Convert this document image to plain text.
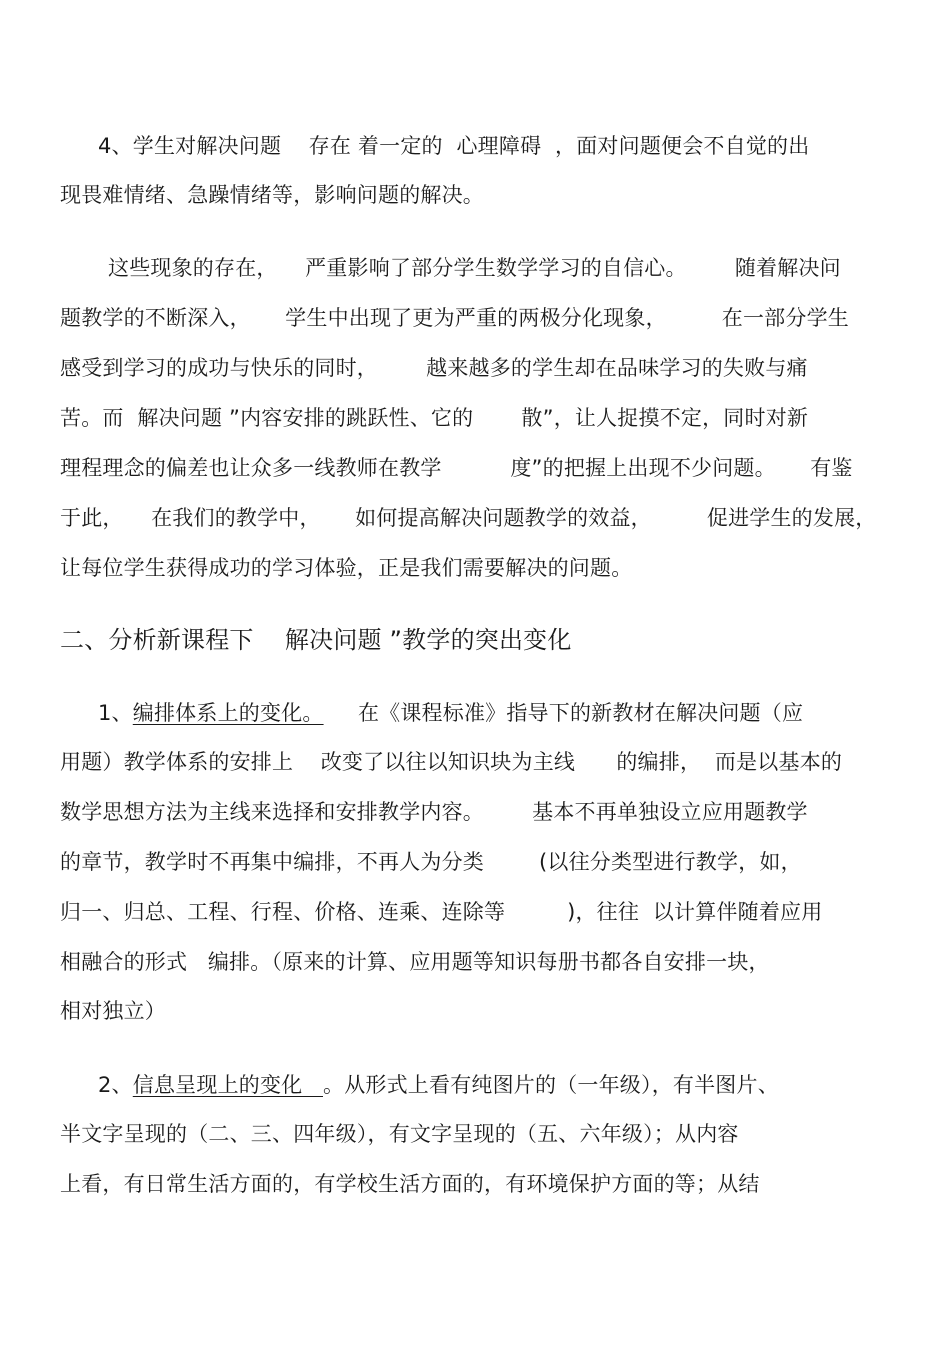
4、学生对解决问题    存在 着一定的  心理障碍  ，面对问题便会不自觉的出
现畏难情绪、急躁情绪等，影响问题的解决。
这些现象的存在，    严重影响了部分学生数学学习的自信心。       随着解决问
题教学的不断深入，     学生中出现了更为严重的两极分化现象，        在一部分学生
感受到学习的成功与快乐的同时，       越来越多的学生却在品味学习的失败与痛
苦。而  解决问题 ”内容安排的跳跃性、它的       散”，让人捉摸不定，同时对新
理程理念的偏差也让众多一线教师在教学          度”的把握上出现不少问题。     有鉴
于此，    在我们的教学中，     如何提高解决问题教学的效益，        促进学生的发展，
让每位学生获得成功的学习体验，正是我们需要解决的问题。
二、分析新课程下    解决问题 ”教学的突出变化
1、编排体系上的变化。     在《课程标准》指导下的新教材在解决问题（应
用题）教学体系的安排上    改变了以往以知识块为主线      的编排，  而是以基本的
数学思想方法为主线来选择和安排教学内容。       基本不再单独设立应用题教学
的章节，教学时不再集中编排，不再人为分类        (以往分类型进行教学，如，
归一、归总、工程、行程、价格、连乘、连除等         )，往往  以计算伴随着应用
相融合的形式   编排。（原来的计算、应用题等知识每册书都各自安排一块，
相对独立）
2、信息呈现上的变化   。从形式上看有纯图片的（一年级），有半图片、
半文字呈现的（二、三、四年级），有文字呈现的（五、六年级）；从内容
上看，有日常生活方面的，有学校生活方面的，有环境保护方面的等；从结
